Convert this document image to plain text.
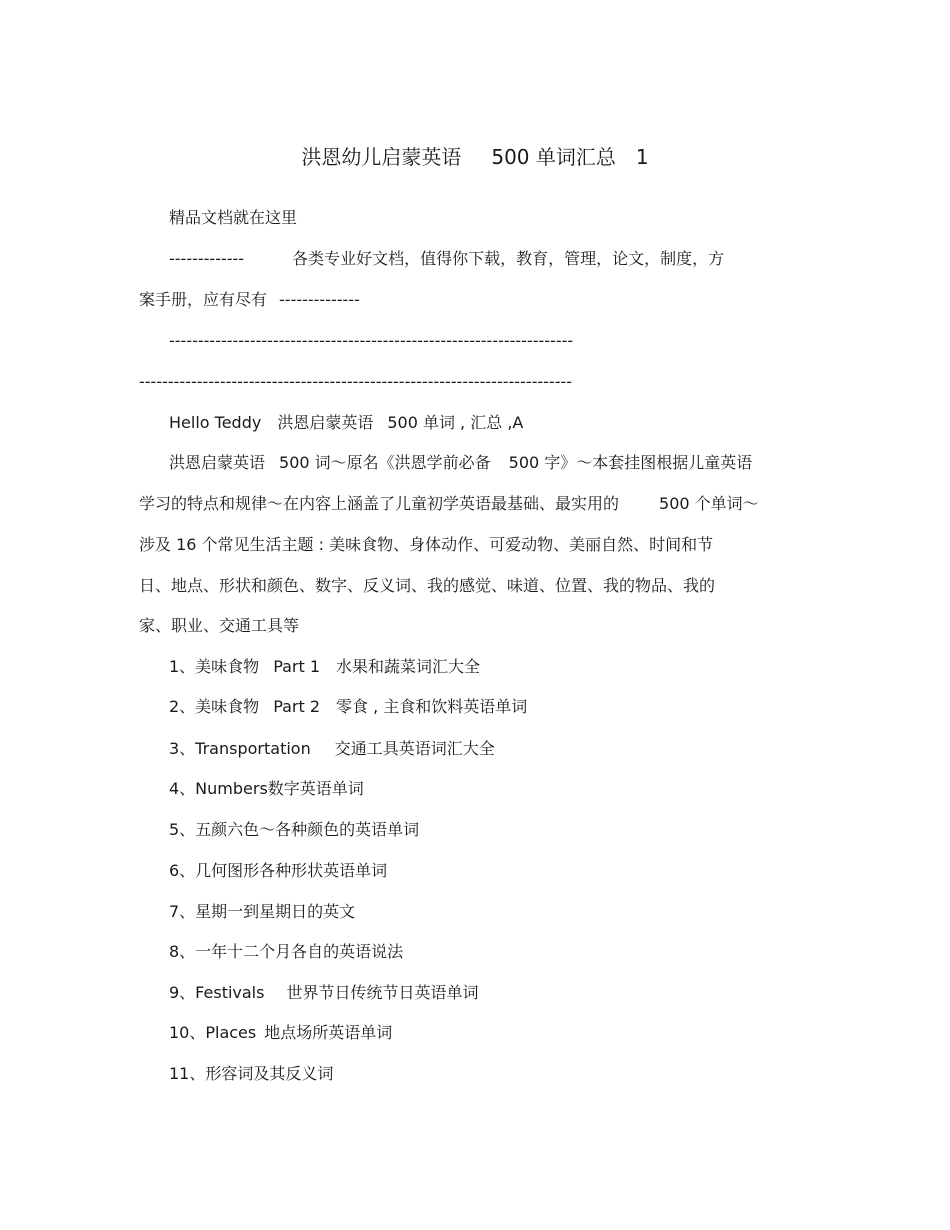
洪恩幼儿启蒙英语 500 单词汇总 1
精品文档就在这里
-------------	各类专业好文档，值得你下载，教育，管理，论文，制度，方
案手册，应有尽有 --------------
----------------------------------------------------------------------
---------------------------------------------------------------------------
Hello Teddy 洪恩启蒙英语 500 单词 , 汇总 ,A
洪恩启蒙英语 500 词～原名《洪恩学前必备 500 字》～本套挂图根据儿童英语
学习的特点和规律～在内容上涵盖了儿童初学英语最基础、最实用的	500 个单词～
涉及 16 个常见生活主题 : 美味食物、身体动作、可爱动物、美丽自然、时间和节
日、地点、形状和颜色、数字、反义词、我的感觉、味道、位置、我的物品、我的
家、职业、交通工具等
1、美味食物 Part 1 水果和蔬菜词汇大全
2、美味食物 Part 2 零食 , 主食和饮料英语单词
3、Transportation 交通工具英语词汇大全
4、Numbers数字英语单词
5、五颜六色～各种颜色的英语单词
6、几何图形各种形状英语单词
7、星期一到星期日的英文
8、一年十二个月各自的英语说法
9、Festivals 世界节日传统节日英语单词
10、Places 地点场所英语单词
11、形容词及其反义词
